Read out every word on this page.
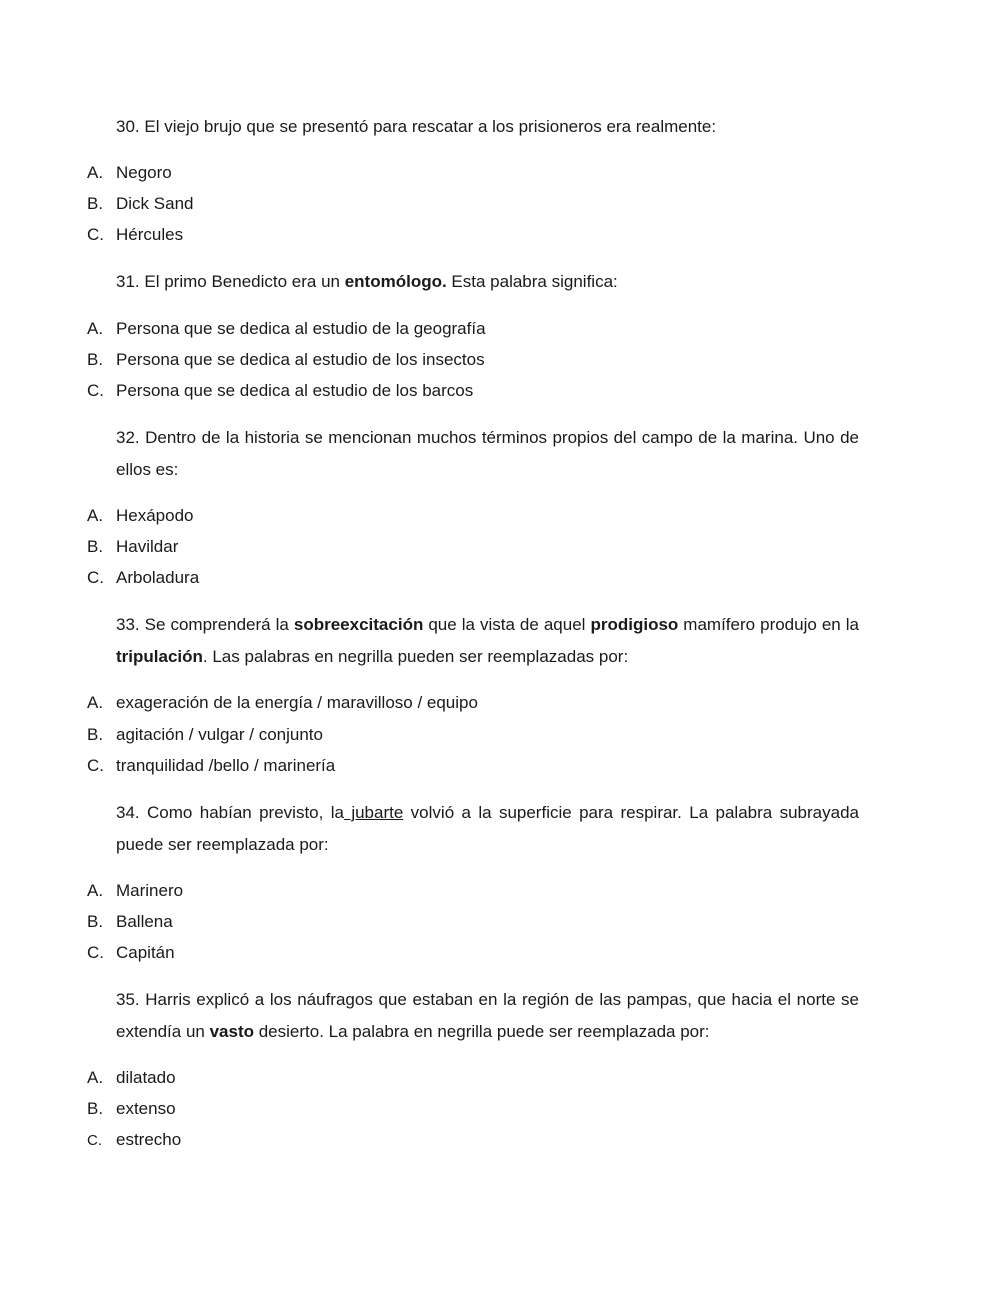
30. El viejo brujo que se presentó para rescatar a los prisioneros era realmente:

A. Negoro
B. Dick Sand
C. Hércules

31. El primo Benedicto era un entomólogo. Esta palabra significa:

A. Persona que se dedica al estudio de la geografía
B. Persona que se dedica al estudio de los insectos
C. Persona que se dedica al estudio de los barcos

32. Dentro de la historia se mencionan muchos términos propios del campo de la marina. Uno de ellos es:

A. Hexápodo
B. Havildar
C. Arboladura

33. Se comprenderá la sobreexcitación que la vista de aquel prodigioso mamífero produjo en la tripulación. Las palabras en negrilla pueden ser reemplazadas por:

A. exageración de la energía / maravilloso / equipo
B. agitación / vulgar / conjunto
C. tranquilidad /bello / marinería

34. Como habían previsto, la jubarte volvió a la superficie para respirar. La palabra subrayada puede ser reemplazada por:

A. Marinero
B. Ballena
C. Capitán

35. Harris explicó a los náufragos que estaban en la región de las pampas, que hacia el norte se extendía un vasto desierto. La palabra en negrilla puede ser reemplazada por:

A. dilatado
B. extenso
C. estrecho
